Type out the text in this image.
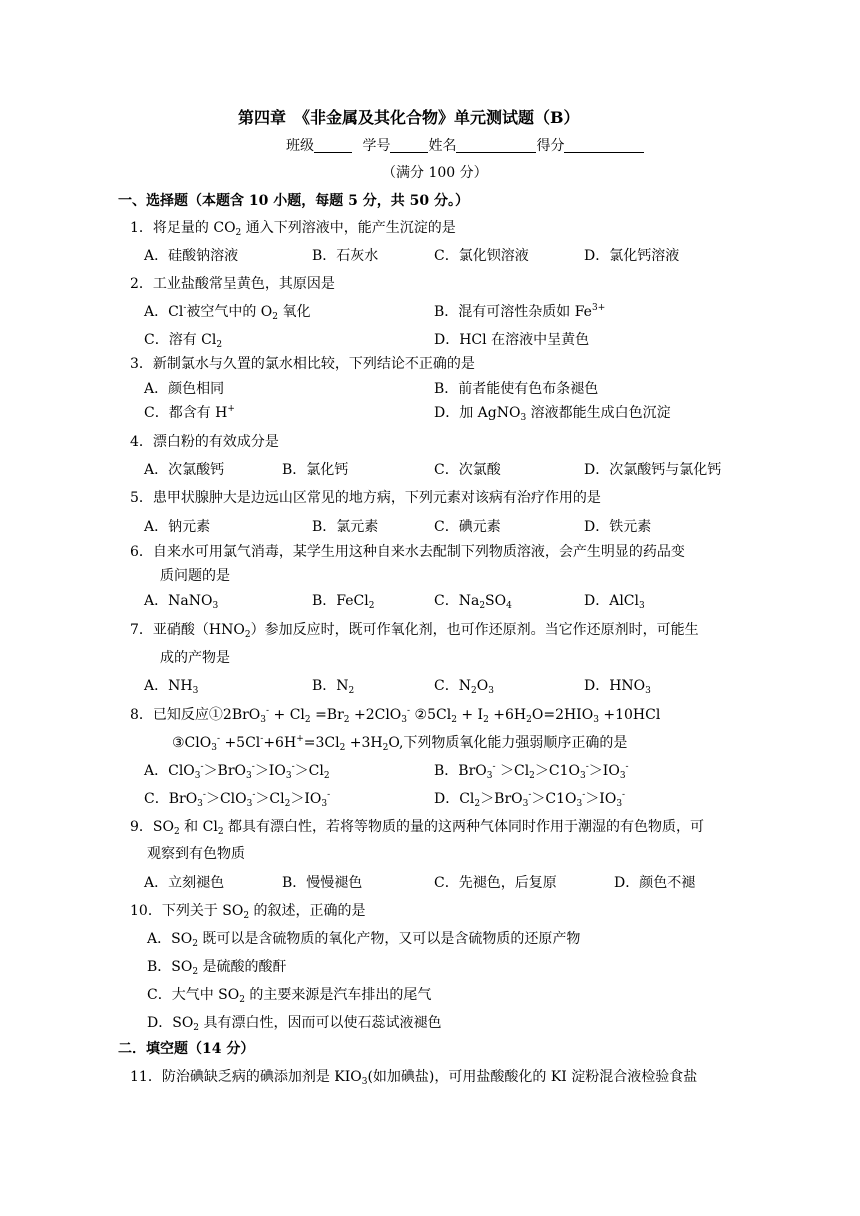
第四章　《非金属及其化合物》单元测试题（B）
班级	学号	姓名	得分
（满分 100 分）
一、选择题（本题含 10 小题，每题 5 分，共 50 分。）
1．将足量的 $CO_2$ 通入下列溶液中，能产生沉淀的是
A．硅酸钠溶液	B．石灰水	C．氯化钡溶液	D．氯化钙溶液
2．工业盐酸常呈黄色，其原因是
A．Cl-被空气中的 $O_2$ 氧化	B．混有可溶性杂质如 $Fe^{3+}$
C．溶有 $Cl_2$	D．HCl 在溶液中呈黄色
3．新制氯水与久置的氯水相比较，下列结论不正确的是
A．颜色相同	B．前者能使有色布条褪色
C．都含有 H+	D．加 AgNO$_3$ 溶液都能生成白色沉淀
4．漂白粉的有效成分是
A．次氯酸钙	B．氯化钙	C．次氯酸	D．次氯酸钙与氯化钙
5．患甲状腺肿大是边远山区常见的地方病，下列元素对该病有治疗作用的是
A．钠元素	B．氯元素	C．碘元素	D．铁元素
6．自来水可用氯气消毒，某学生用这种自来水去配制下列物质溶液，会产生明显的药品变
质问题的是
A．NaNO$_3$	B．FeCl$_2$	C．$Na_2SO_4$	D．AlCl$_3$
7．亚硝酸$(HNO_2)$参加反应时，既可作氧化剂，也可作还原剂。当它作还原剂时，可能生
成的产物是
A．$NH_3$	B．$N_2$	C．$N_2O_3$	D．$HNO_3$
8．已知反应①2BrO$_3$- + $Cl_2 =Br_2 +2ClO_3^-$ $②5Cl_2 + I_2 +6H_2O=2HIO_3 +10HCl$
③ClO$_3$- $+5Cl^-+6H^+=3Cl_2 +3H_2O$,下列物质氧化能力强弱顺序正确的是
A．$ClO_3^->BrO_3^->IO_3^->Cl_2$	B．$BrO_3^- >Cl_2>C1O_3^->IO_3^-$
C．$BrO_3^->ClO_3^->Cl_2>IO_3^-$	D．$Cl_2>BrO_3^->C1O_3^->IO_3^-$
9．$SO_2$ 和 $Cl_2$ 都具有漂白性，若将等物质的量的这两种气体同时作用于潮湿的有色物质，可
观察到有色物质
A．立刻褪色	B．慢慢褪色	C．先褪色，后复原	D．颜色不褪
10．下列关于 $SO_2$ 的叙述，正确的是
A．$SO_2$ 既可以是含硫物质的氧化产物，又可以是含硫物质的还原产物
B．$SO_2$ 是硫酸的酸酐
C．大气中 $SO_2$ 的主要来源是汽车排出的尾气
D．$SO_2$ 具有漂白性，因而可以使石蕊试液褪色
二．填空题（14 分）
11．防治碘缺乏病的碘添加剂是 $KIO_3$(如加碘盐)，可用盐酸酸化的 KI 淀粉混合液检验食盐
